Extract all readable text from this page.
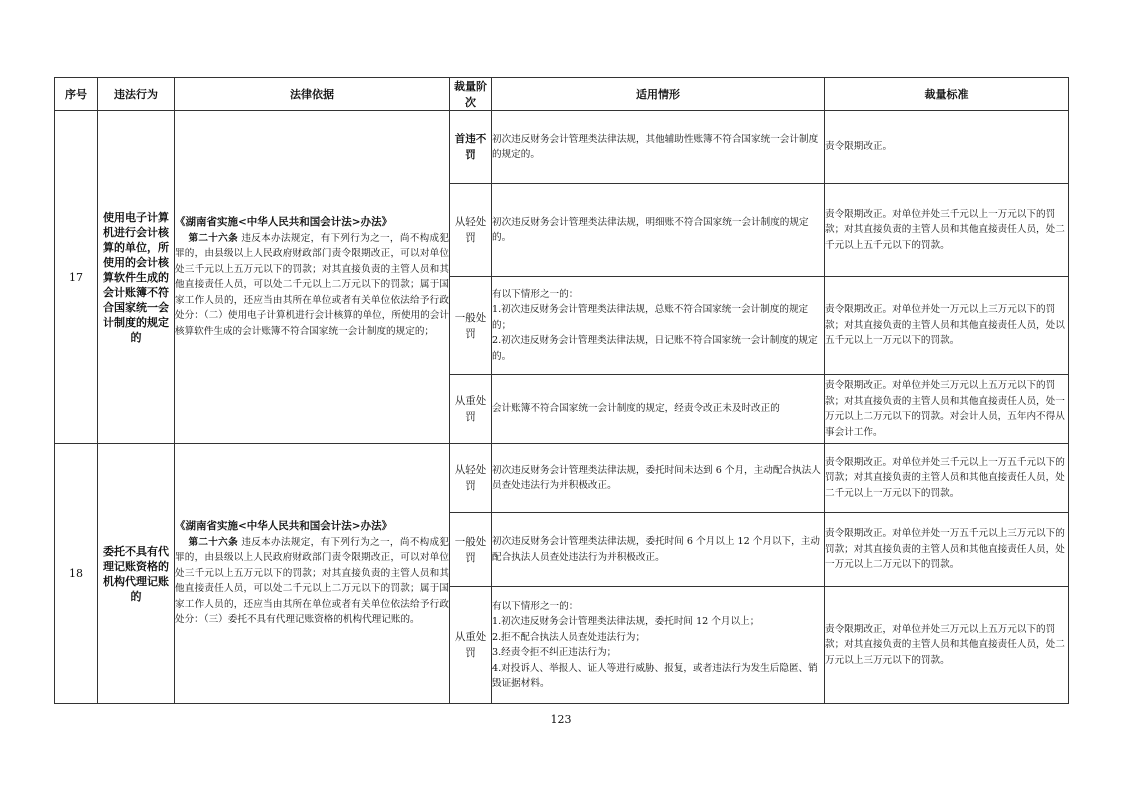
序号	违法行为	法律依据	裁量阶次	适用情形	裁量标准
17	使用电子计算机进行会计核算的单位，所使用的会计核算软件生成的会计账簿不符合国家统一会计制度的规定的	《湖南省实施<中华人民共和国会计法>办法》
第二十六条 违反本办法规定，有下列行为之一，尚不构成犯罪的，由县级以上人民政府财政部门责令限期改正，可以对单位处三千元以上五万元以下的罚款；对其直接负责的主管人员和其他直接责任人员，可以处二千元以上二万元以下的罚款；属于国家工作人员的，还应当由其所在单位或者有关单位依法给予行政处分：（二）使用电子计算机进行会计核算的单位，所使用的会计核算软件生成的会计账簿不符合国家统一会计制度的规定的；	首违不罚	初次违反财务会计管理类法律法规，其他辅助性账簿不符合国家统一会计制度的规定的。	责令限期改正。
			从轻处罚	初次违反财务会计管理类法律法规，明细账不符合国家统一会计制度的规定的。	责令限期改正。对单位并处三千元以上一万元以下的罚款；对其直接负责的主管人员和其他直接责任人员，处二千元以上五千元以下的罚款。
			一般处罚	有以下情形之一的：
1.初次违反财务会计管理类法律法规，总账不符合国家统一会计制度的规定的；
2.初次违反财务会计管理类法律法规，日记账不符合国家统一会计制度的规定的。	责令限期改正。对单位并处一万元以上三万元以下的罚款；对其直接负责的主管人员和其他直接责任人员，处以五千元以上一万元以下的罚款。
			从重处罚	会计账簿不符合国家统一会计制度的规定，经责令改正未及时改正的	责令限期改正。对单位并处三万元以上五万元以下的罚款；对其直接负责的主管人员和其他直接责任人员，处一万元以上二万元以下的罚款。对会计人员，五年内不得从事会计工作。
18	委托不具有代理记账资格的机构代理记账的	《湖南省实施<中华人民共和国会计法>办法》
第二十六条 违反本办法规定，有下列行为之一，尚不构成犯罪的，由县级以上人民政府财政部门责令限期改正，可以对单位处三千元以上五万元以下的罚款；对其直接负责的主管人员和其他直接责任人员，可以处二千元以上二万元以下的罚款；属于国家工作人员的，还应当由其所在单位或者有关单位依法给予行政处分：（三）委托不具有代理记账资格的机构代理记账的。	从轻处罚	初次违反财务会计管理类法律法规，委托时间未达到 6 个月，主动配合执法人员查处违法行为并积极改正。	责令限期改正。对单位并处三千元以上一万五千元以下的罚款；对其直接负责的主管人员和其他直接责任人员，处二千元以上一万元以下的罚款。
			一般处罚	初次违反财务会计管理类法律法规，委托时间 6 个月以上 12 个月以下，主动配合执法人员查处违法行为并积极改正。	责令限期改正。对单位并处一万五千元以上三万元以下的罚款；对其直接负责的主管人员和其他直接责任人员，处一万元以上二万元以下的罚款。
			从重处罚	有以下情形之一的：
1.初次违反财务会计管理类法律法规，委托时间 12 个月以上；
2.拒不配合执法人员查处违法行为；
3.经责令拒不纠正违法行为；
4.对投诉人、举报人、证人等进行威胁、报复，或者违法行为发生后隐匿、销毁证据材料。	责令限期改正，对单位并处三万元以上五万元以下的罚款；对其直接负责的主管人员和其他直接责任人员，处二万元以上三万元以下的罚款。
123
